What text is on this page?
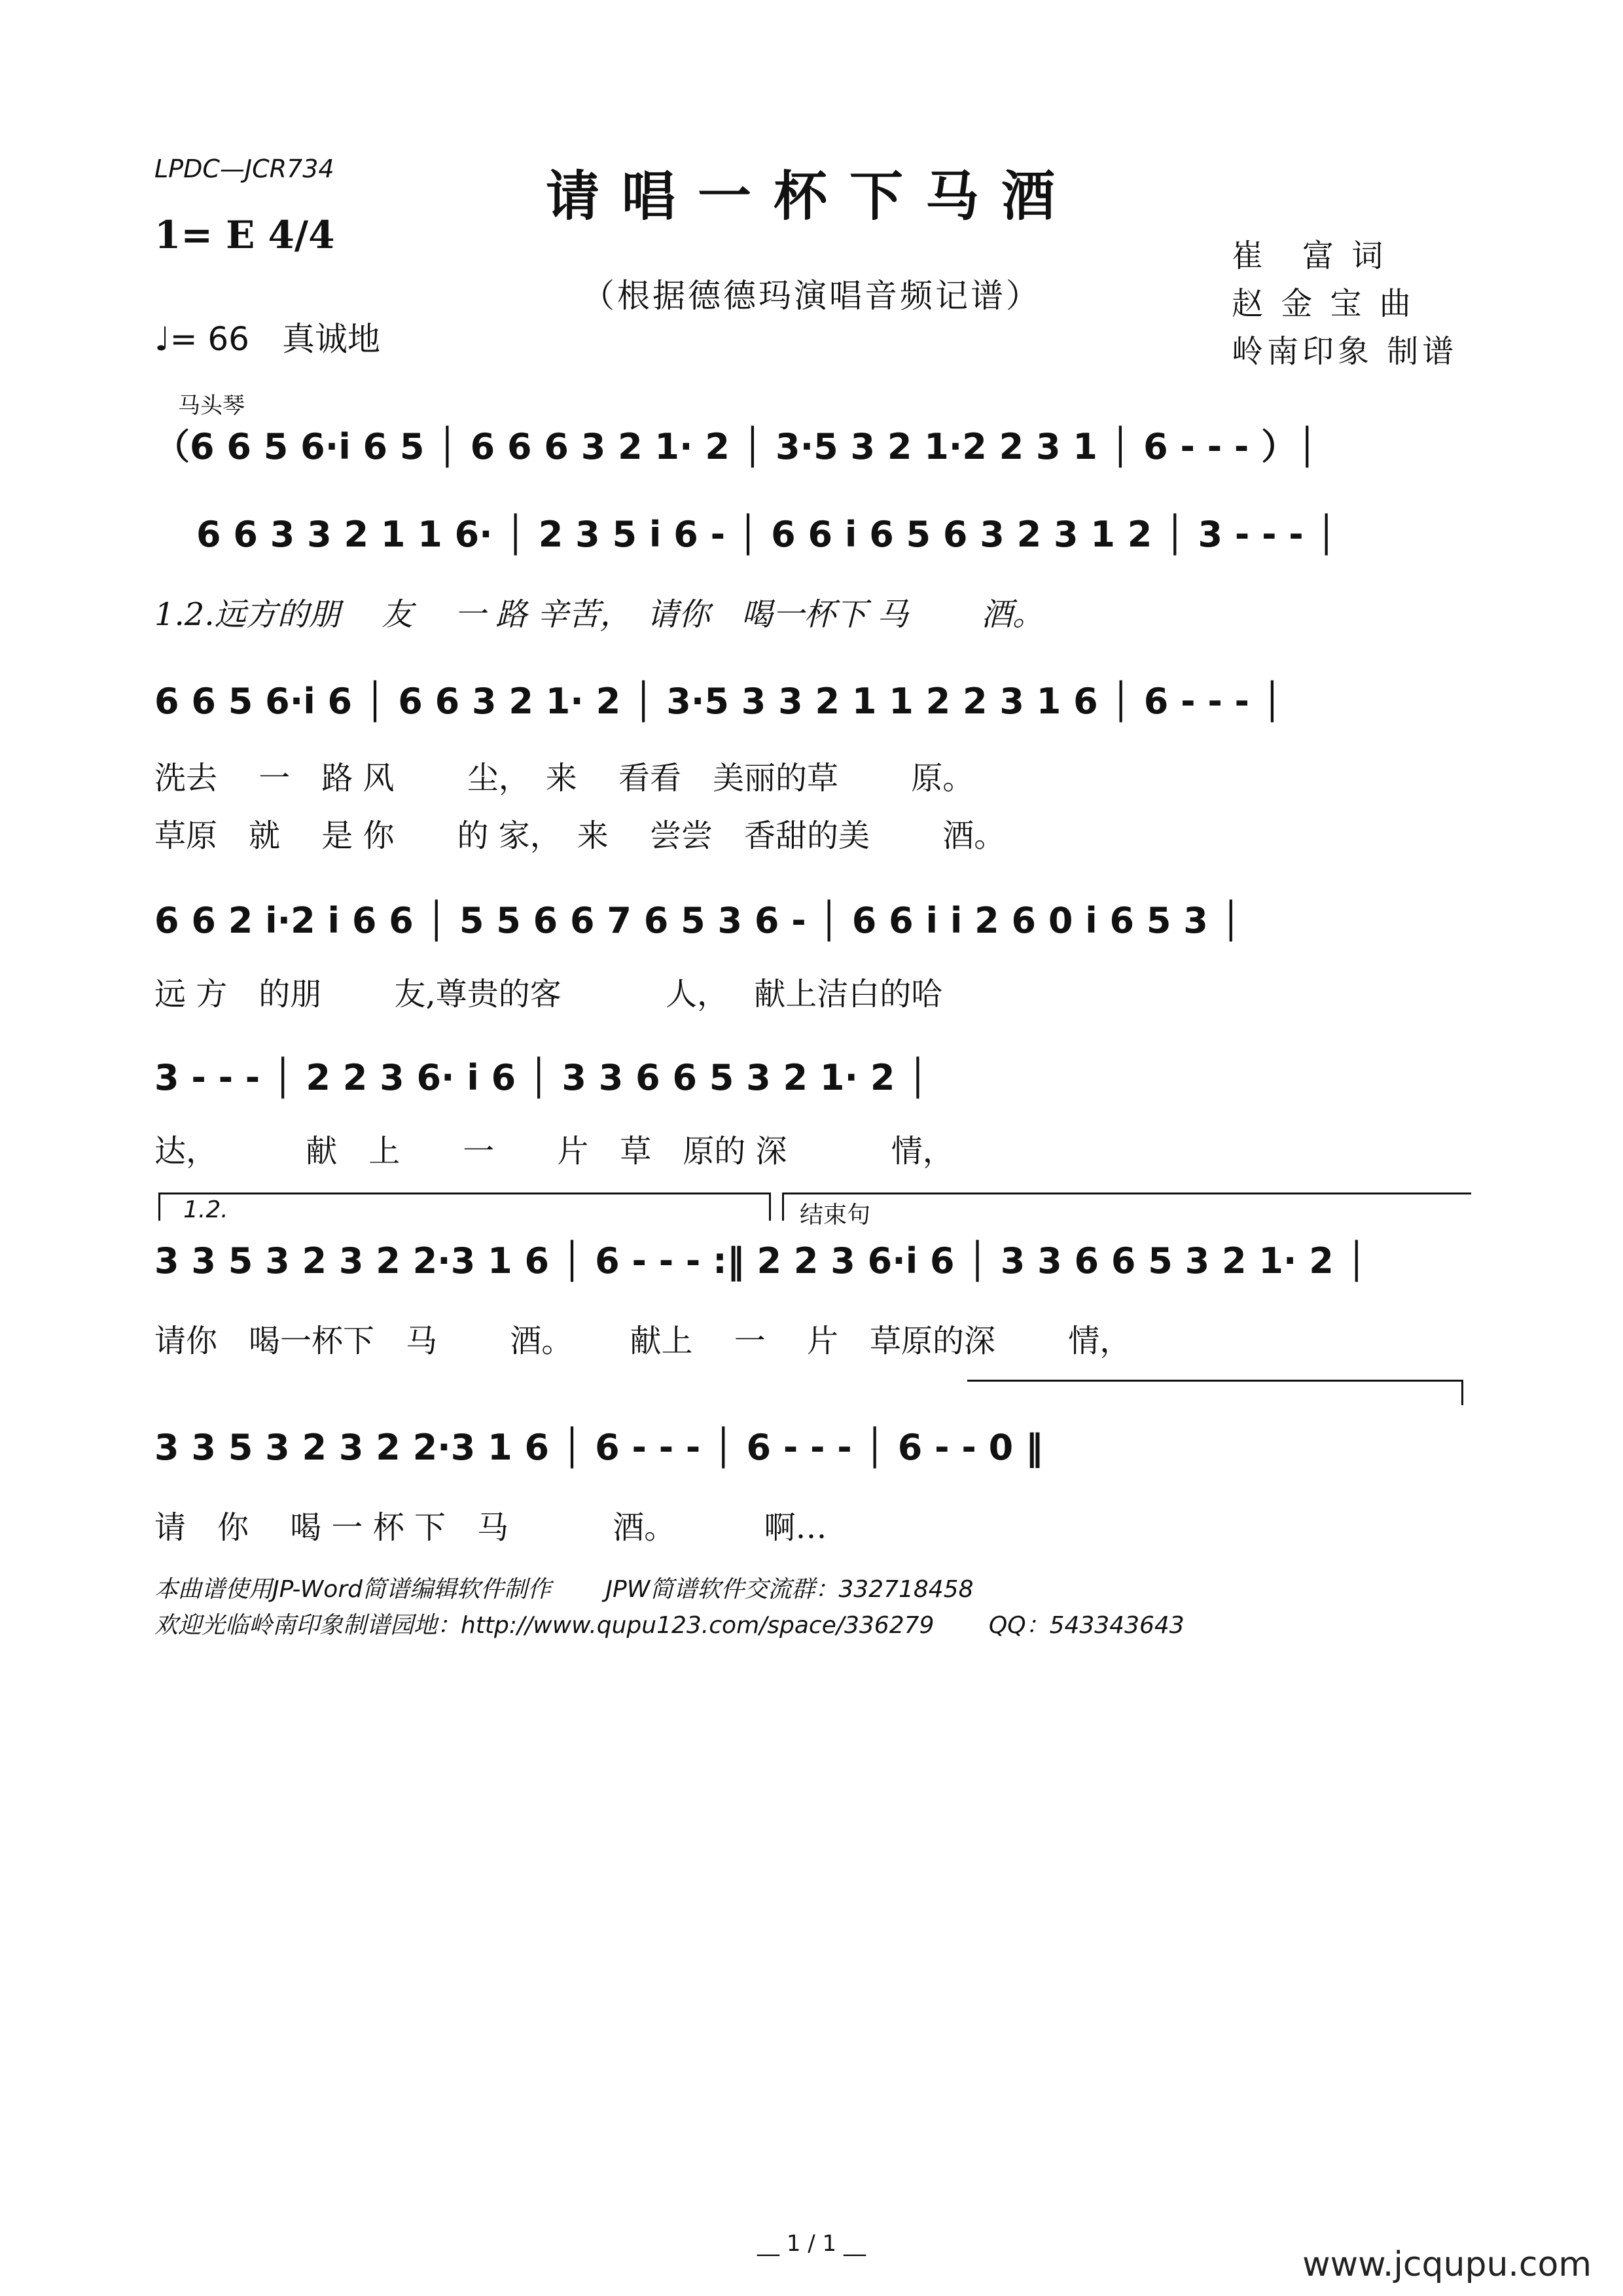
LPDC—JCR734	请唱一杯下马酒
（根据德德玛演唱音频记谱）
1= E 4/4
♩= 66　真诚地
崔　富 词
赵 金 宝 曲
岭南印象 制谱
马头琴
（6 6 5 6·i 6 5 │ 6 6 6 3 2 1· 2 │ 3·5 3 2 1·2 2 3 1 │ 6 - - - ）│
6 6 3 3 2 1 1 6· │ 2 3 5 i 6 - │ 6 6 i 6 5 6 3 2 3 1 2 │ 3 - - - │
1.2.远方的朋　 友　 一 路 辛苦，　请你　喝一杯下 马　　 酒。
6 6 5 6·i 6 │ 6 6 3 2 1· 2 │ 3·5 3 3 2 1 1 2 2 3 1 6 │ 6 - - - │
洗去　 一　路 风　　 尘，　来　 看看　美丽的草　　 原。
草原　就　 是 你　　的 家，　来　 尝尝　香甜的美　　 酒。
6 6 2 i·2 i 6 6 │ 5 5 6 6 7 6 5 3 6 - │ 6 6 i i 2 6 0 i 6 5 3 │
远 方　的朋　　 友,尊贵的客　　　 人，　 献上洁白的哈
3 - - - │ 2 2 3 6· i 6 │ 3 3 6 6 5 3 2 1· 2 │
达，　　　 献　上　　一　　片　草　原的 深　　　 情，
1.2.	结束句
3 3 5 3 2 3 2 2·3 1 6 │ 6 - - - :‖ 2 2 3 6·i 6 │ 3 3 6 6 5 3 2 1· 2 │
请你　喝一杯下　马　　 酒。　　 献上　 一　 片　草原的深　　 情，
3 3 5 3 2 3 2 2·3 1 6 │ 6 - - - │ 6 - - - │ 6 - - 0 ‖
请　你　 喝 一 杯 下　马　　　 酒。　　　 啊…
本曲谱使用JP-Word简谱编辑软件制作　　 JPW简谱软件交流群：332718458
欢迎光临岭南印象制谱园地：http://www.qupu123.com/space/336279　　 QQ：543343643
__ 1 / 1 __
www.jcqupu.com
